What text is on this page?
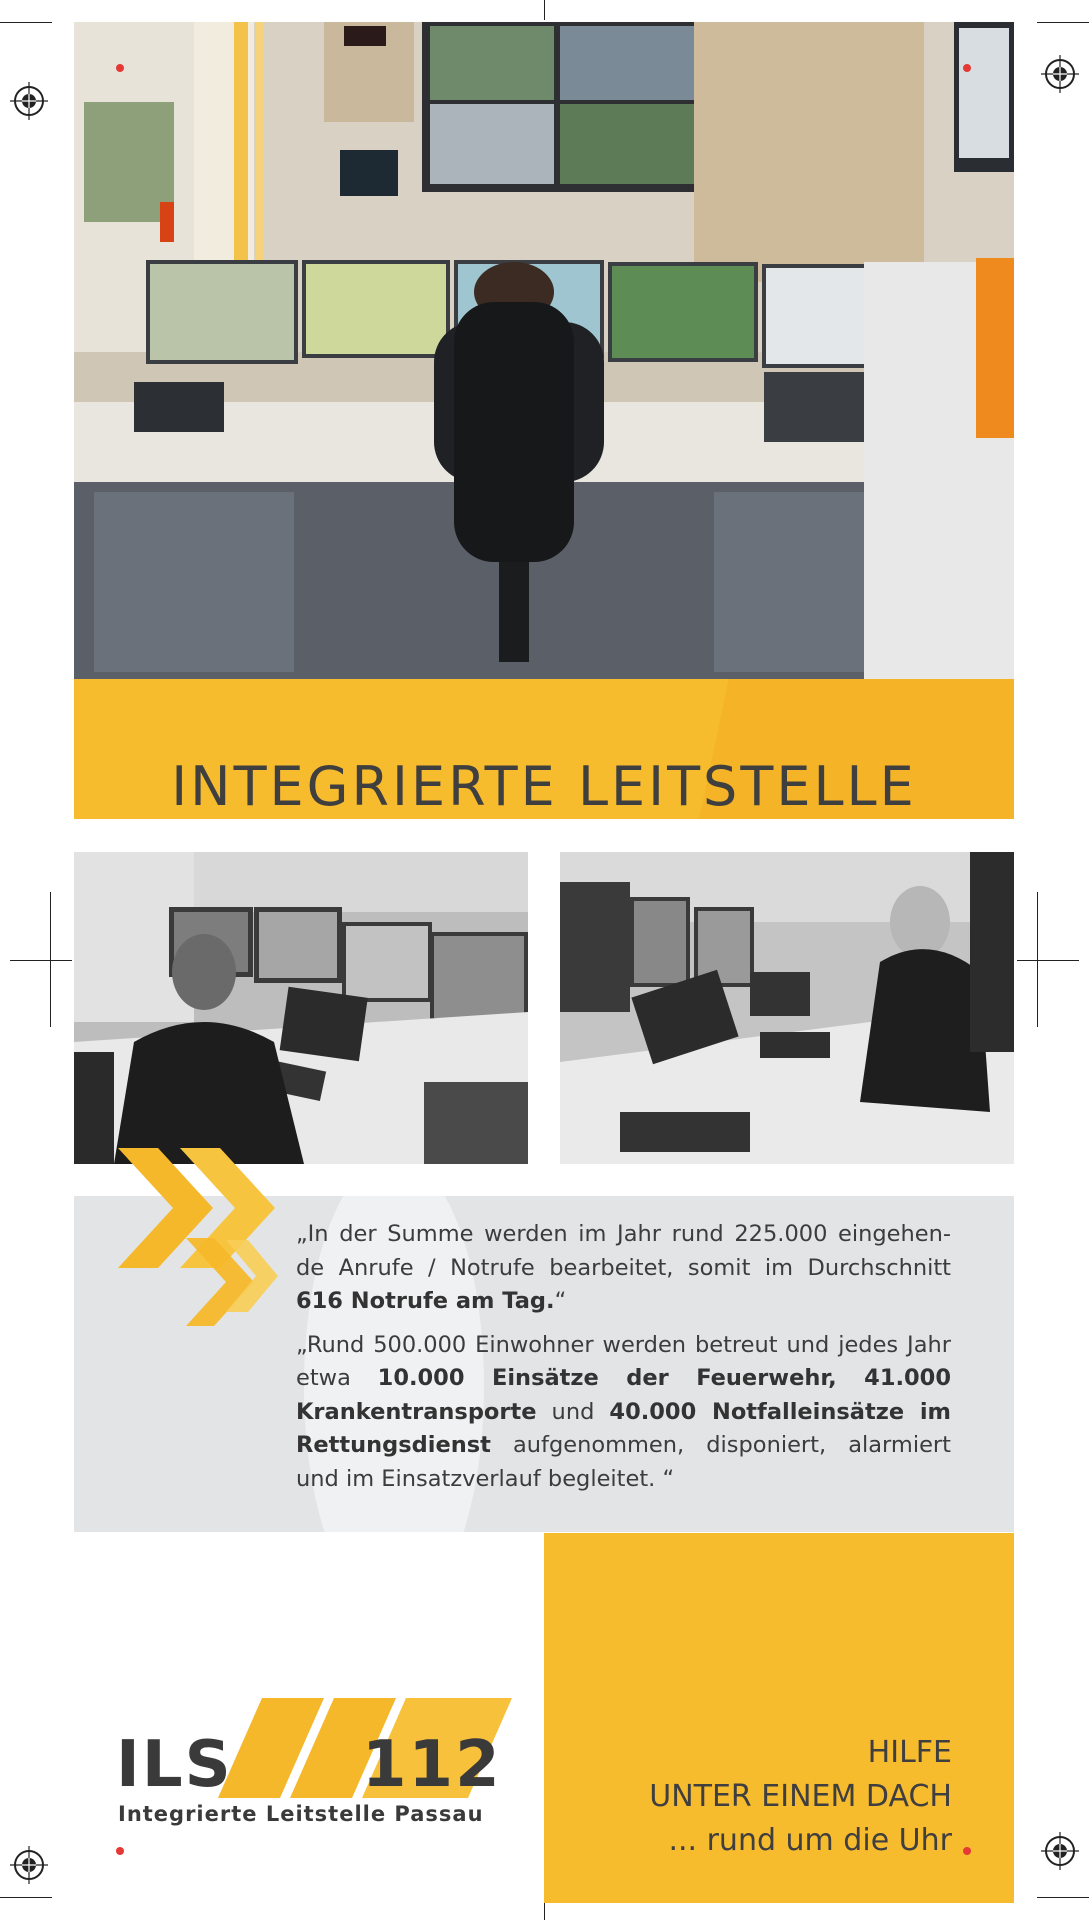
INTEGRIERTE LEITSTELLE

„In der Summe werden im Jahr rund 225.000 eingehen-de Anrufe / Notrufe bearbeitet, somit im Durchschnitt 616 Notrufe am Tag.“

„Rund 500.000 Einwohner werden betreut und jedes Jahr etwa 10.000 Einsätze der Feuerwehr, 41.000 Krankentransporte und 40.000 Notfalleinsätze im Rettungsdienst aufgenommen, disponiert, alarmiert und im Einsatzverlauf begleitet. “

HILFE
UNTER EINEM DACH
... rund um die Uhr
ILS 112
Integrierte Leitstelle Passau
